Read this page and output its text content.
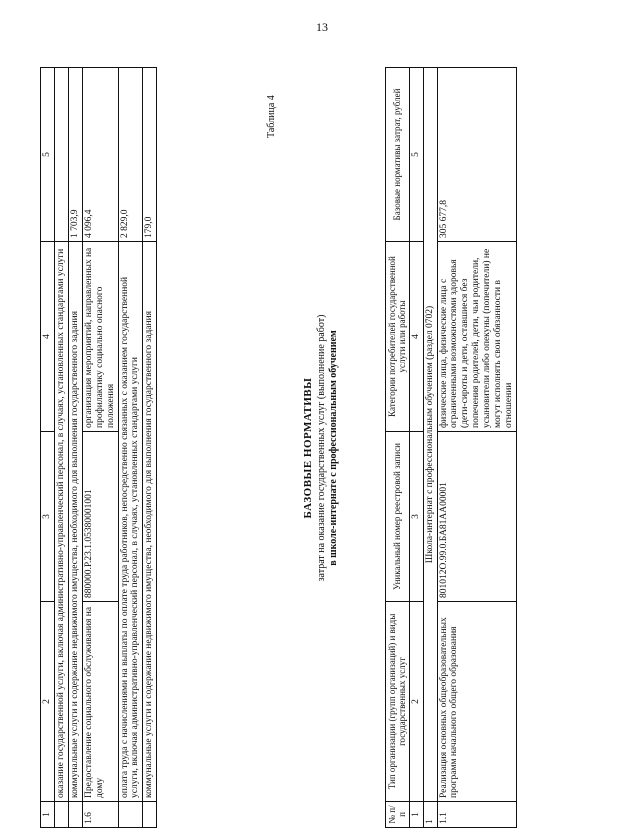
13
1	2	3	4	5
	оказание государственной услуги, включая административно-управленческий персонал, в случаях, установленных стандартами услуги			
	коммунальные услуги и содержание недвижимого имущества, необходимого для выполнения государственного задания			1 703,9
1.6	Предоставление социального обслуживания на дому	880000.Р.23.1.05380001001	организация мероприятий, направленных на профилактику социально опасного положения	4 096,4
	оплата труда с начислениями на выплаты по оплате труда работников, непосредственно связанных с оказанием государственной услуги, включая административно-управленческий персонал, в случаях, установленных стандартами услуги			2 829,0
	коммунальные услуги и содержание недвижимого имущества, необходимого для выполнения государственного задания			179,0
Таблица 4
БАЗОВЫЕ НОРМАТИВЫ затрат на оказание государственных услуг (выполнение работ) в школе-интернате с профессиональным обучением
№ п/п	Тип организации (групп организаций) и виды государственных услуг	Уникальный номер реестровой записи	Категории потребителей государственной услуги или работы	Базовые нормативы затрат, рублей
1	2	3	4	5
1	Школа-интернат с профессиональным обучением (раздел 0702)			
1.1	Реализация основных общеобразовательных программ начального общего образования	801012О.99.0.БА81АА00001	физические лица, физические лица с ограниченными возможностями здоровья (дети-сироты и дети, оставшиеся без попечения родителей, дети, чьи родители, усыновители либо опекуны (попечители) не могут исполнять свои обязанности в отношении	305 677,8
